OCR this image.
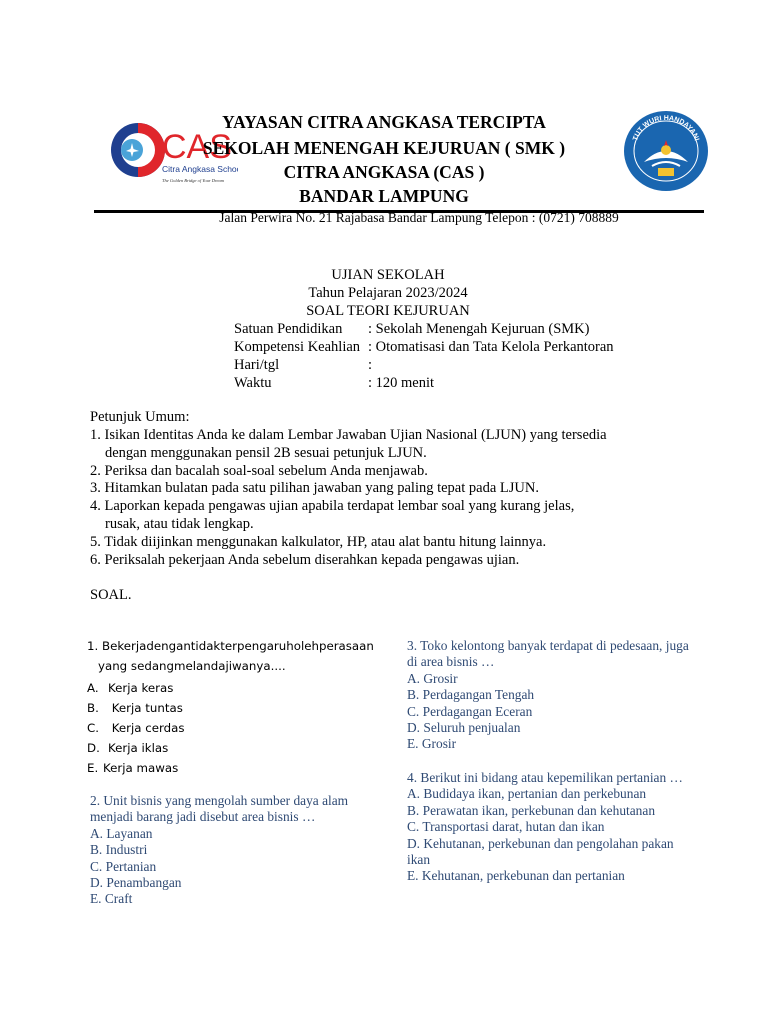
CAS
Citra Angkasa School
The Golden Bridge of Your Dream
TUT WURI HANDAYANI
YAYASAN CITRA ANGKASA TERCIPTA
SEKOLAH MENENGAH KEJURUAN ( SMK )
CITRA ANGKASA (CAS )
BANDAR LAMPUNG
Jalan Perwira No. 21 Rajabasa Bandar Lampung Telepon : (0721) 708889
UJIAN SEKOLAH
Tahun Pelajaran 2023/2024
SOAL TEORI KEJURUAN
Satuan Pendidikan : Sekolah Menengah Kejuruan (SMK)
Kompetensi Keahlian : Otomatisasi dan Tata Kelola Perkantoran
Hari/tgl	:
Waktu	: 120 menit
Petunjuk Umum:
1. Isikan Identitas Anda ke dalam Lembar Jawaban Ujian Nasional (LJUN) yang tersedia dengan menggunakan pensil 2B sesuai petunjuk LJUN.
2. Periksa dan bacalah soal-soal sebelum Anda menjawab.
3. Hitamkan bulatan pada satu pilihan jawaban yang paling tepat pada LJUN.
4. Laporkan kepada pengawas ujian apabila terdapat lembar soal yang kurang jelas, rusak, atau tidak lengkap.
5. Tidak diijinkan menggunakan kalkulator, HP, atau alat bantu hitung lainnya.
6. Periksalah pekerjaan Anda sebelum diserahkan kepada pengawas ujian.
SOAL.
1. Bekerjadengantidakterpengaruholehperasaan
yang sedangmelandajiwanya....
A. Kerja keras
B. Kerja tuntas
C. Kerja cerdas
D. Kerja iklas
E. Kerja mawas
2. Unit bisnis yang mengolah sumber daya alam menjadi barang jadi disebut area bisnis …
A. Layanan
B. Industri
C. Pertanian
D. Penambangan
E. Craft
3. Toko kelontong banyak terdapat di pedesaan, juga di area bisnis …
A. Grosir
B. Perdagangan Tengah
C. Perdagangan Eceran
D. Seluruh penjualan
E. Grosir
4. Berikut ini bidang atau kepemilikan pertanian …
A. Budidaya ikan, pertanian dan perkebunan
B. Perawatan ikan, perkebunan dan kehutanan
C. Transportasi darat, hutan dan ikan
D. Kehutanan, perkebunan dan pengolahan pakan ikan
E. Kehutanan, perkebunan dan pertanian
